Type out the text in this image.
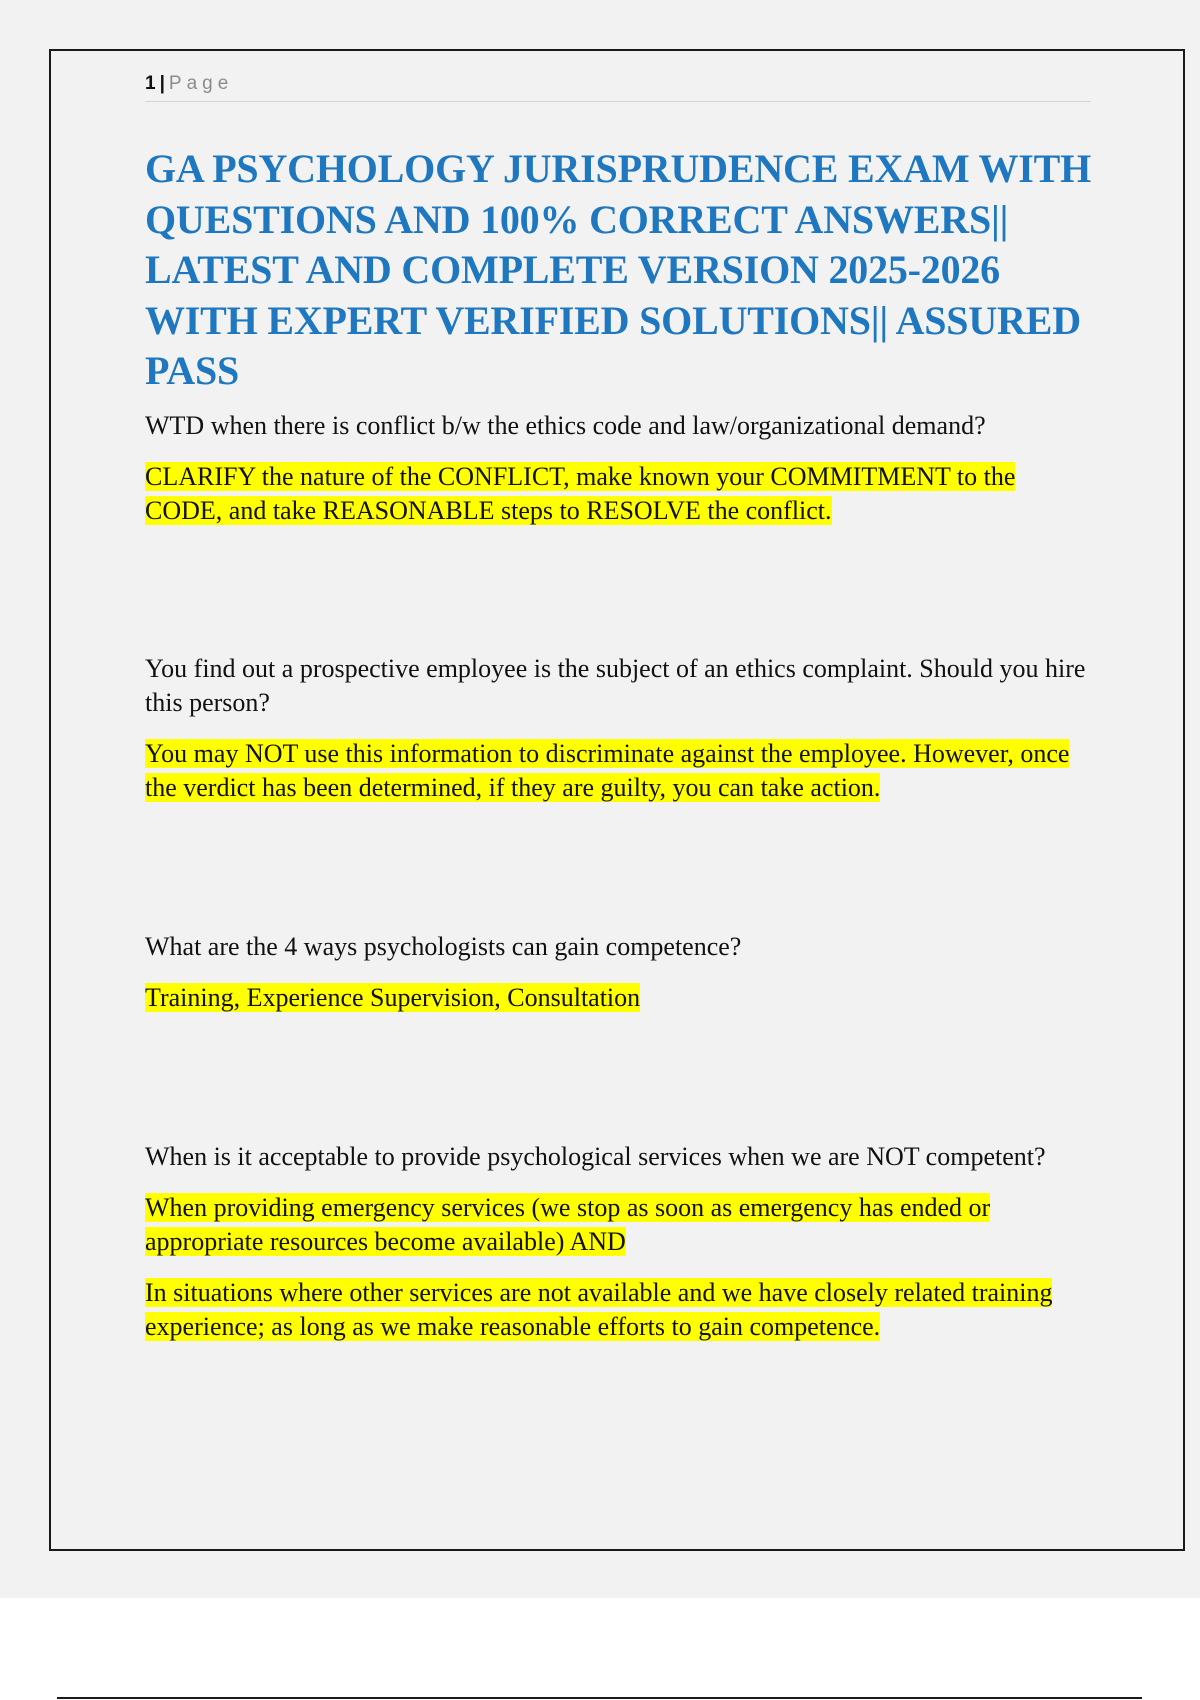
1 | Page
GA PSYCHOLOGY JURISPRUDENCE EXAM WITH QUESTIONS AND 100% CORRECT ANSWERS|| LATEST AND COMPLETE VERSION 2025-2026 WITH EXPERT VERIFIED SOLUTIONS|| ASSURED PASS

WTD when there is conflict b/w the ethics code and law/organizational demand?

CLARIFY the nature of the CONFLICT, make known your COMMITMENT to the CODE, and take REASONABLE steps to RESOLVE the conflict.

You find out a prospective employee is the subject of an ethics complaint. Should you hire this person?

You may NOT use this information to discriminate against the employee. However, once the verdict has been determined, if they are guilty, you can take action.

What are the 4 ways psychologists can gain competence?

Training, Experience Supervision, Consultation

When is it acceptable to provide psychological services when we are NOT competent?

When providing emergency services (we stop as soon as emergency has ended or appropriate resources become available) AND

In situations where other services are not available and we have closely related training experience; as long as we make reasonable efforts to gain competence.
